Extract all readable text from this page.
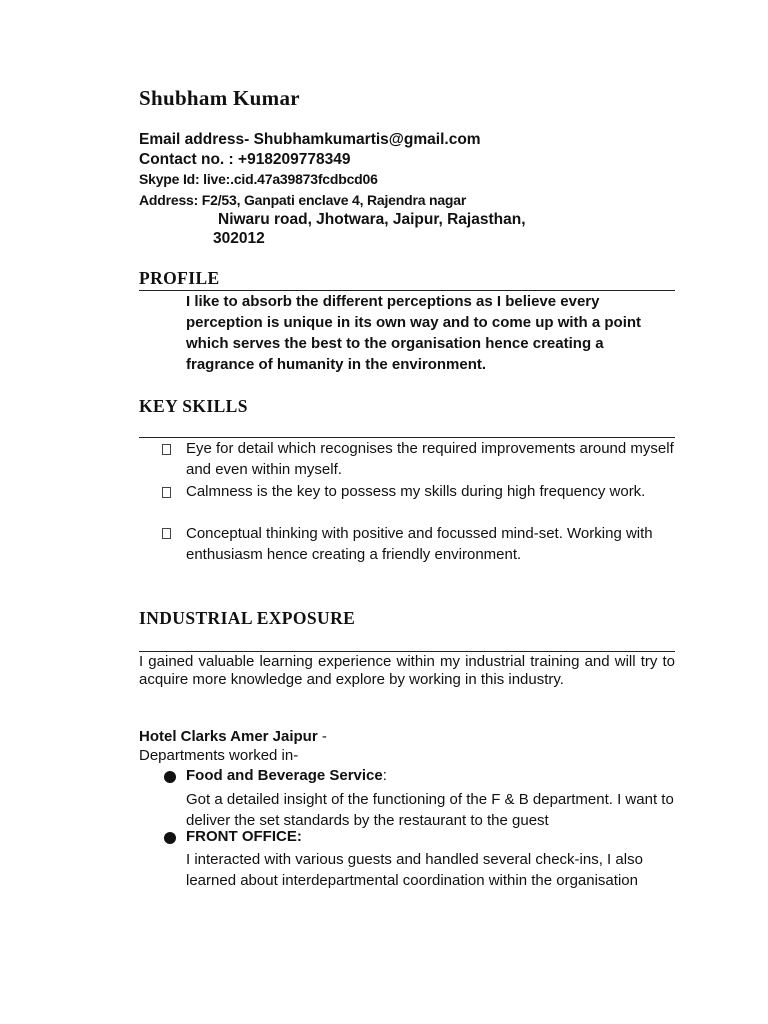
Shubham Kumar
Email address- Shubhamkumartis@gmail.com
Contact no. : +918209778349
Skype Id: live:.cid.47a39873fcdbcd06
Address: F2/53, Ganpati enclave 4, Rajendra nagar
Niwaru road, Jhotwara, Jaipur, Rajasthan,
302012
PROFILE
I like to absorb the different perceptions as I believe every perception is unique in its own way and to come up with a point which serves the best to the organisation hence creating a fragrance of humanity in the environment.
KEY SKILLS
Eye for detail which recognises the required improvements around myself and even within myself.
Calmness is the key to possess my skills during high frequency work.
Conceptual thinking with positive and focussed mind-set. Working with enthusiasm hence creating a friendly environment.
INDUSTRIAL EXPOSURE
I gained valuable learning experience within my industrial training and will try to acquire more knowledge and explore by working in this industry.
Hotel Clarks Amer Jaipur -
Departments worked in-
Food and Beverage Service:
Got a detailed insight of the functioning of the F & B department. I want to deliver the set standards by the restaurant to the guest
FRONT OFFICE:
I interacted with various guests and handled several check-ins, I also learned about interdepartmental coordination within the organisation
